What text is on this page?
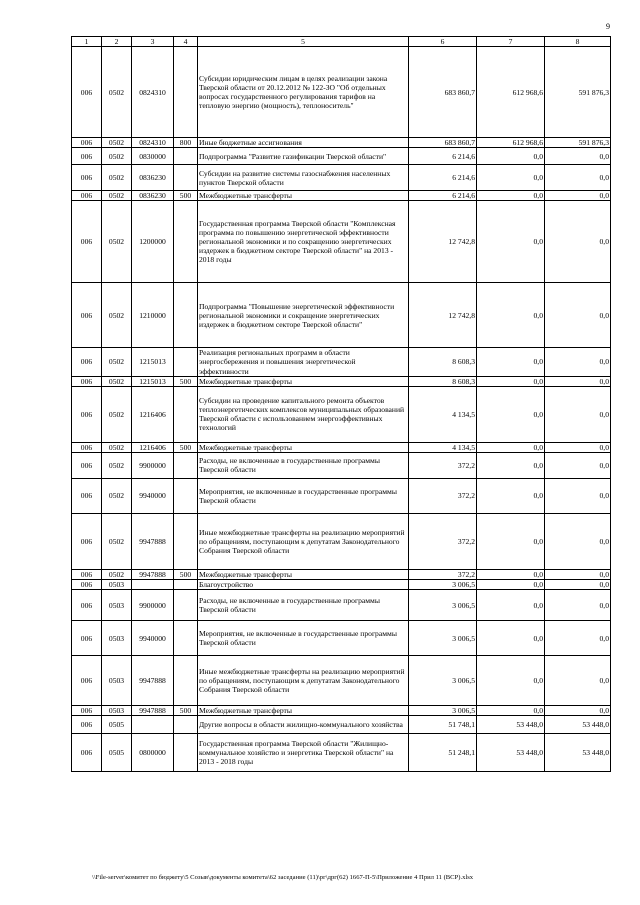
9
1	2	3	4	5	6	7	8
006	0502	0824310		Субсидии юридическим лицам в целях реализации закона Тверской области от 20.12.2012 № 122-ЗО "Об отдельных вопросах государственного регулирования тарифов на тепловую энергию (мощность), теплоноситель"	683 860,7	612 968,6	591 876,3
006	0502	0824310	800	Иные бюджетные ассигнования	683 860,7	612 968,6	591 876,3
006	0502	0830000		Подпрограмма "Развитие газификации Тверской области"	6 214,6	0,0	0,0
006	0502	0836230		Субсидии на развитие системы газоснабжения населенных пунктов Тверской области	6 214,6	0,0	0,0
006	0502	0836230	500	Межбюджетные трансферты	6 214,6	0,0	0,0
006	0502	1200000		Государственная программа Тверской области "Комплексная программа по повышению энергетической эффективности региональной экономики и по сокращению энергетических издержек в бюджетном секторе Тверской области" на 2013 - 2018 годы	12 742,8	0,0	0,0
006	0502	1210000		Подпрограмма "Повышение энергетической эффективности региональной экономики и сокращение энергетических издержек в бюджетном секторе Тверской области"	12 742,8	0,0	0,0
006	0502	1215013		Реализация региональных программ в области энергосбережения и повышения энергетической эффективности	8 608,3	0,0	0,0
006	0502	1215013	500	Межбюджетные трансферты	8 608,3	0,0	0,0
006	0502	1216406		Субсидии на проведение капитального ремонта объектов теплоэнергетических комплексов муниципальных образований Тверской области с использованием энергоэффективных технологий	4 134,5	0,0	0,0
006	0502	1216406	500	Межбюджетные трансферты	4 134,5	0,0	0,0
006	0502	9900000		Расходы, не включенные в государственные программы Тверской области	372,2	0,0	0,0
006	0502	9940000		Мероприятия, не включенные в государственные программы Тверской области	372,2	0,0	0,0
006	0502	9947888		Иные межбюджетные трансферты на реализацию мероприятий по обращениям, поступающим к депутатам Законодательного Собрания Тверской области	372,2	0,0	0,0
006	0502	9947888	500	Межбюджетные трансферты	372,2	0,0	0,0
006	0503			Благоустройство	3 006,5	0,0	0,0
006	0503	9900000		Расходы, не включенные в государственные программы Тверской области	3 006,5	0,0	0,0
006	0503	9940000		Мероприятия, не включенные в государственные программы Тверской области	3 006,5	0,0	0,0
006	0503	9947888		Иные межбюджетные трансферты на реализацию мероприятий по обращениям, поступающим к депутатам Законодательного Собрания Тверской области	3 006,5	0,0	0,0
006	0503	9947888	500	Межбюджетные трансферты	3 006,5	0,0	0,0
006	0505			Другие вопросы в области жилищно-коммунального хозяйства	51 748,1	53 448,0	53 448,0
006	0505	0800000		Государственная программа Тверской области "Жилищно-коммунальное хозяйство и энергетика Тверской области" на 2013 - 2018 годы	51 248,1	53 448,0	53 448,0
\\File-server\комитет по бюджету\5 Созыв\документы комитета\62 заседание (11)\рг\дрг(62) 1667-П-5\Приложение 4 Прил 11 (ВСР).xlsx
